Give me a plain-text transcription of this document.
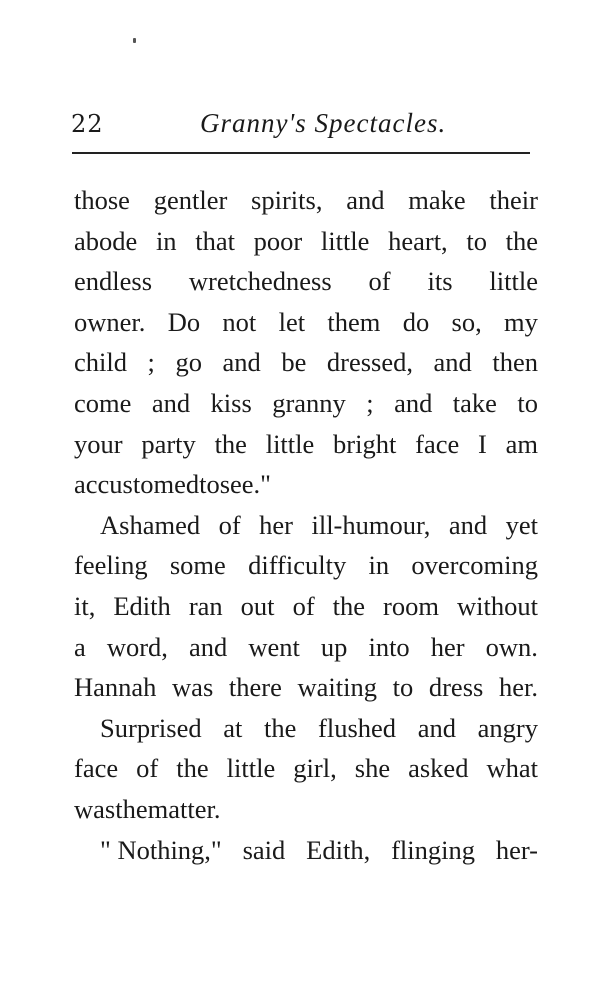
22	Granny's Spectacles.
those gentler spirits, and make their
abode in that poor little heart, to the
endless wretchedness of its little
owner. Do not let them do so, my
child ; go and be dressed, and then
come and kiss granny ; and take to
your party the little bright face I am
accustomed to see."
Ashamed of her ill-humour, and yet
feeling some difficulty in overcoming
it, Edith ran out of the room without
a word, and went up into her own.
Hannah was there waiting to dress her.
Surprised at the flushed and angry
face of the little girl, she asked what
was the matter.
" Nothing," said Edith, flinging her-
